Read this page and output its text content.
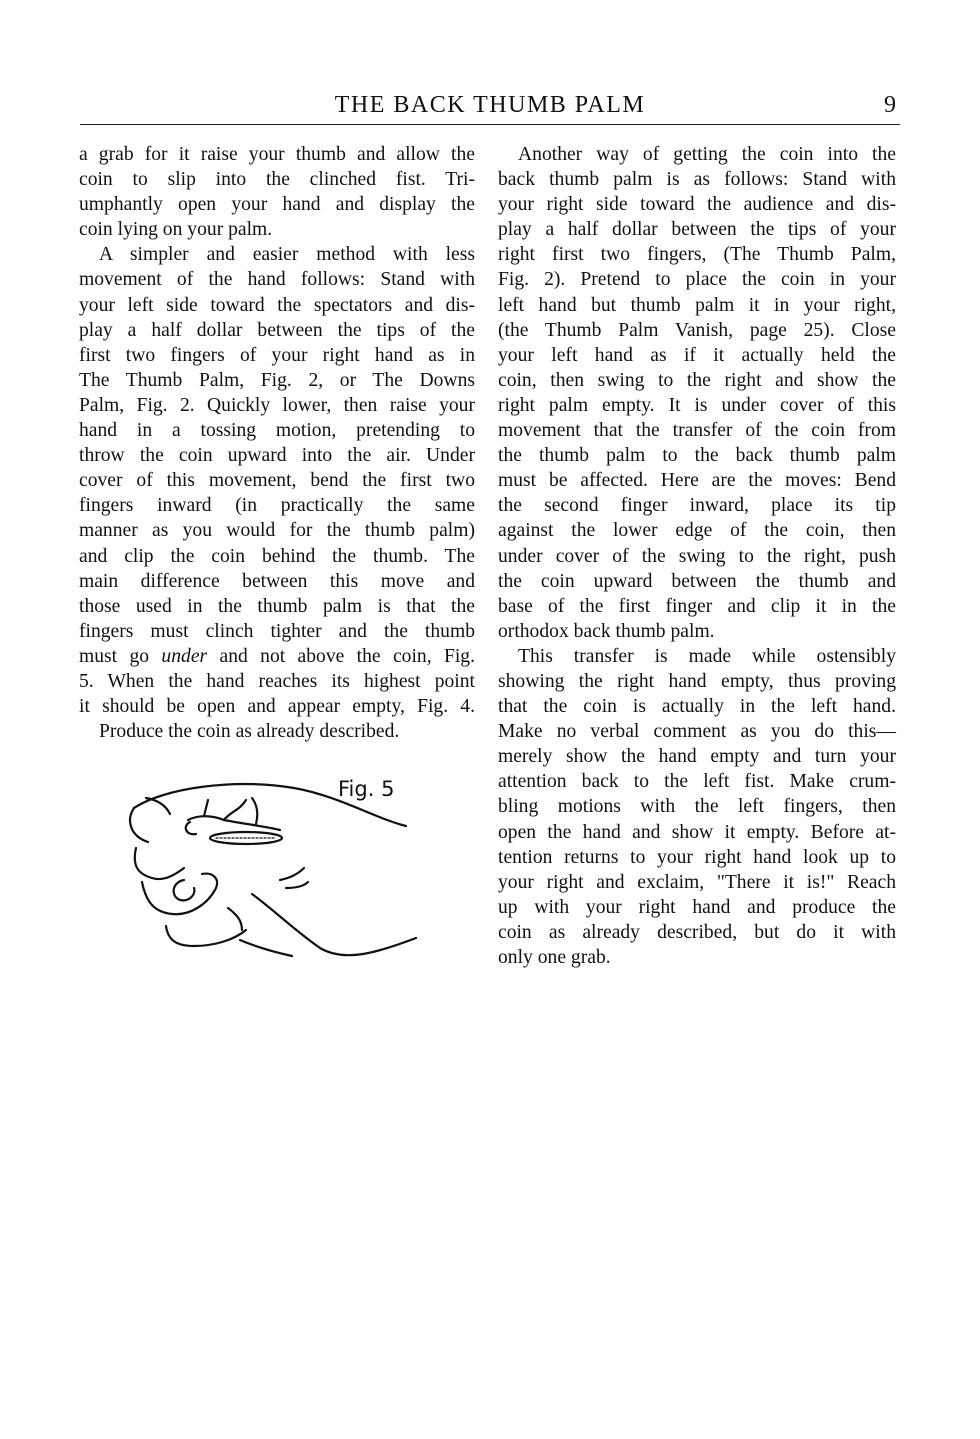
THE BACK THUMB PALM	9
a grab for it raise your thumb and allow the
coin to slip into the clinched fist. Tri-
umphantly open your hand and display the
coin lying on your palm.
A simpler and easier method with less
movement of the hand follows: Stand with
your left side toward the spectators and dis-
play a half dollar between the tips of the
first two fingers of your right hand as in
The Thumb Palm, Fig. 2, or The Downs
Palm, Fig. 2. Quickly lower, then raise your
hand in a tossing motion, pretending to
throw the coin upward into the air. Under
cover of this movement, bend the first two
fingers inward (in practically the same
manner as you would for the thumb palm)
and clip the coin behind the thumb. The
main difference between this move and
those used in the thumb palm is that the
fingers must clinch tighter and the thumb
must go under and not above the coin, Fig.
5. When the hand reaches its highest point
it should be open and appear empty, Fig. 4.
Produce the coin as already described.
Another way of getting the coin into the
back thumb palm is as follows: Stand with
your right side toward the audience and dis-
play a half dollar between the tips of your
right first two fingers, (The Thumb Palm,
Fig. 2). Pretend to place the coin in your
left hand but thumb palm it in your right,
(the Thumb Palm Vanish, page 25). Close
your left hand as if it actually held the
coin, then swing to the right and show the
right palm empty. It is under cover of this
movement that the transfer of the coin from
the thumb palm to the back thumb palm
must be affected. Here are the moves: Bend
the second finger inward, place its tip
against the lower edge of the coin, then
under cover of the swing to the right, push
the coin upward between the thumb and
base of the first finger and clip it in the
orthodox back thumb palm.
This transfer is made while ostensibly
showing the right hand empty, thus proving
that the coin is actually in the left hand.
Make no verbal comment as you do this—
merely show the hand empty and turn your
attention back to the left fist. Make crum-
bling motions with the left fingers, then
open the hand and show it empty. Before at-
tention returns to your right hand look up to
your right and exclaim, "There it is!" Reach
up with your right hand and produce the
coin as already described, but do it with
only one grab.
Fig. 5
